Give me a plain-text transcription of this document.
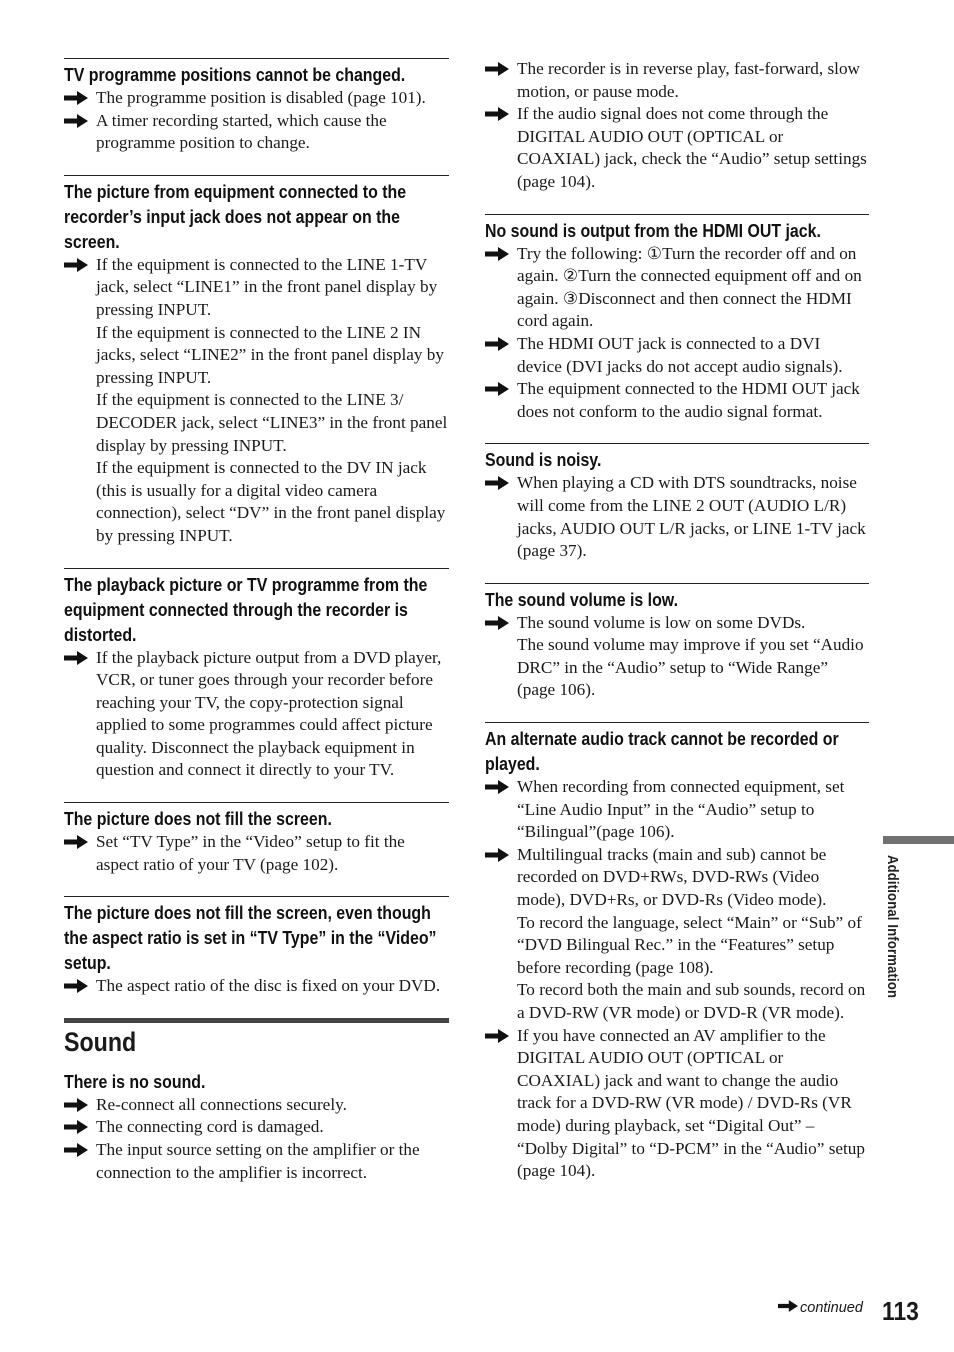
TV programme positions cannot be changed.

The programme position is disabled (page 101).

A timer recording started, which cause the programme position to change.

The picture from equipment connected to the recorder’s input jack does not appear on the screen.

If the equipment is connected to the LINE 1-TV jack, select “LINE1” in the front panel display by pressing INPUT.

If the equipment is connected to the LINE 2 IN jacks, select “LINE2” in the front panel display by pressing INPUT.

If the equipment is connected to the LINE 3/ DECODER jack, select “LINE3” in the front panel display by pressing INPUT.

If the equipment is connected to the DV IN jack (this is usually for a digital video camera connection), select “DV” in the front panel display by pressing INPUT.

The playback picture or TV programme from the equipment connected through the recorder is distorted.

If the playback picture output from a DVD player, VCR, or tuner goes through your recorder before reaching your TV, the copy-protection signal applied to some programmes could affect picture quality. Disconnect the playback equipment in question and connect it directly to your TV.

The picture does not fill the screen.

Set “TV Type” in the “Video” setup to fit the aspect ratio of your TV (page 102).

The picture does not fill the screen, even though the aspect ratio is set in “TV Type” in the “Video” setup.

The aspect ratio of the disc is fixed on your DVD.

Sound
There is no sound.

Re-connect all connections securely.

The connecting cord is damaged.

The input source setting on the amplifier or the connection to the amplifier is incorrect.

The recorder is in reverse play, fast-forward, slow motion, or pause mode.

If the audio signal does not come through the DIGITAL AUDIO OUT (OPTICAL or COAXIAL) jack, check the “Audio” setup settings (page 104).

No sound is output from the HDMI OUT jack.

Try the following: ①Turn the recorder off and on again. ②Turn the connected equipment off and on again. ③Disconnect and then connect the HDMI cord again.

The HDMI OUT jack is connected to a DVI device (DVI jacks do not accept audio signals).

The equipment connected to the HDMI OUT jack does not conform to the audio signal format.

Sound is noisy.

When playing a CD with DTS soundtracks, noise will come from the LINE 2 OUT (AUDIO L/R) jacks, AUDIO OUT L/R jacks, or LINE 1-TV jack (page 37).

The sound volume is low.

The sound volume is low on some DVDs.

The sound volume may improve if you set “Audio DRC” in the “Audio” setup to “Wide Range” (page 106).

An alternate audio track cannot be recorded or played.

When recording from connected equipment, set “Line Audio Input” in the “Audio” setup to “Bilingual”(page 106).

Multilingual tracks (main and sub) cannot be recorded on DVD+RWs, DVD-RWs (Video mode), DVD+Rs, or DVD-Rs (Video mode).

To record the language, select “Main” or “Sub” of “DVD Bilingual Rec.” in the “Features” setup before recording (page 108).

To record both the main and sub sounds, record on a DVD-RW (VR mode) or DVD-R (VR mode).

If you have connected an AV amplifier to the DIGITAL AUDIO OUT (OPTICAL or COAXIAL) jack and want to change the audio track for a DVD-RW (VR mode) / DVD-Rs (VR mode) during playback, set “Digital Out” – “Dolby Digital” to “D-PCM” in the “Audio” setup (page 104).

Additional Information
continued 113
